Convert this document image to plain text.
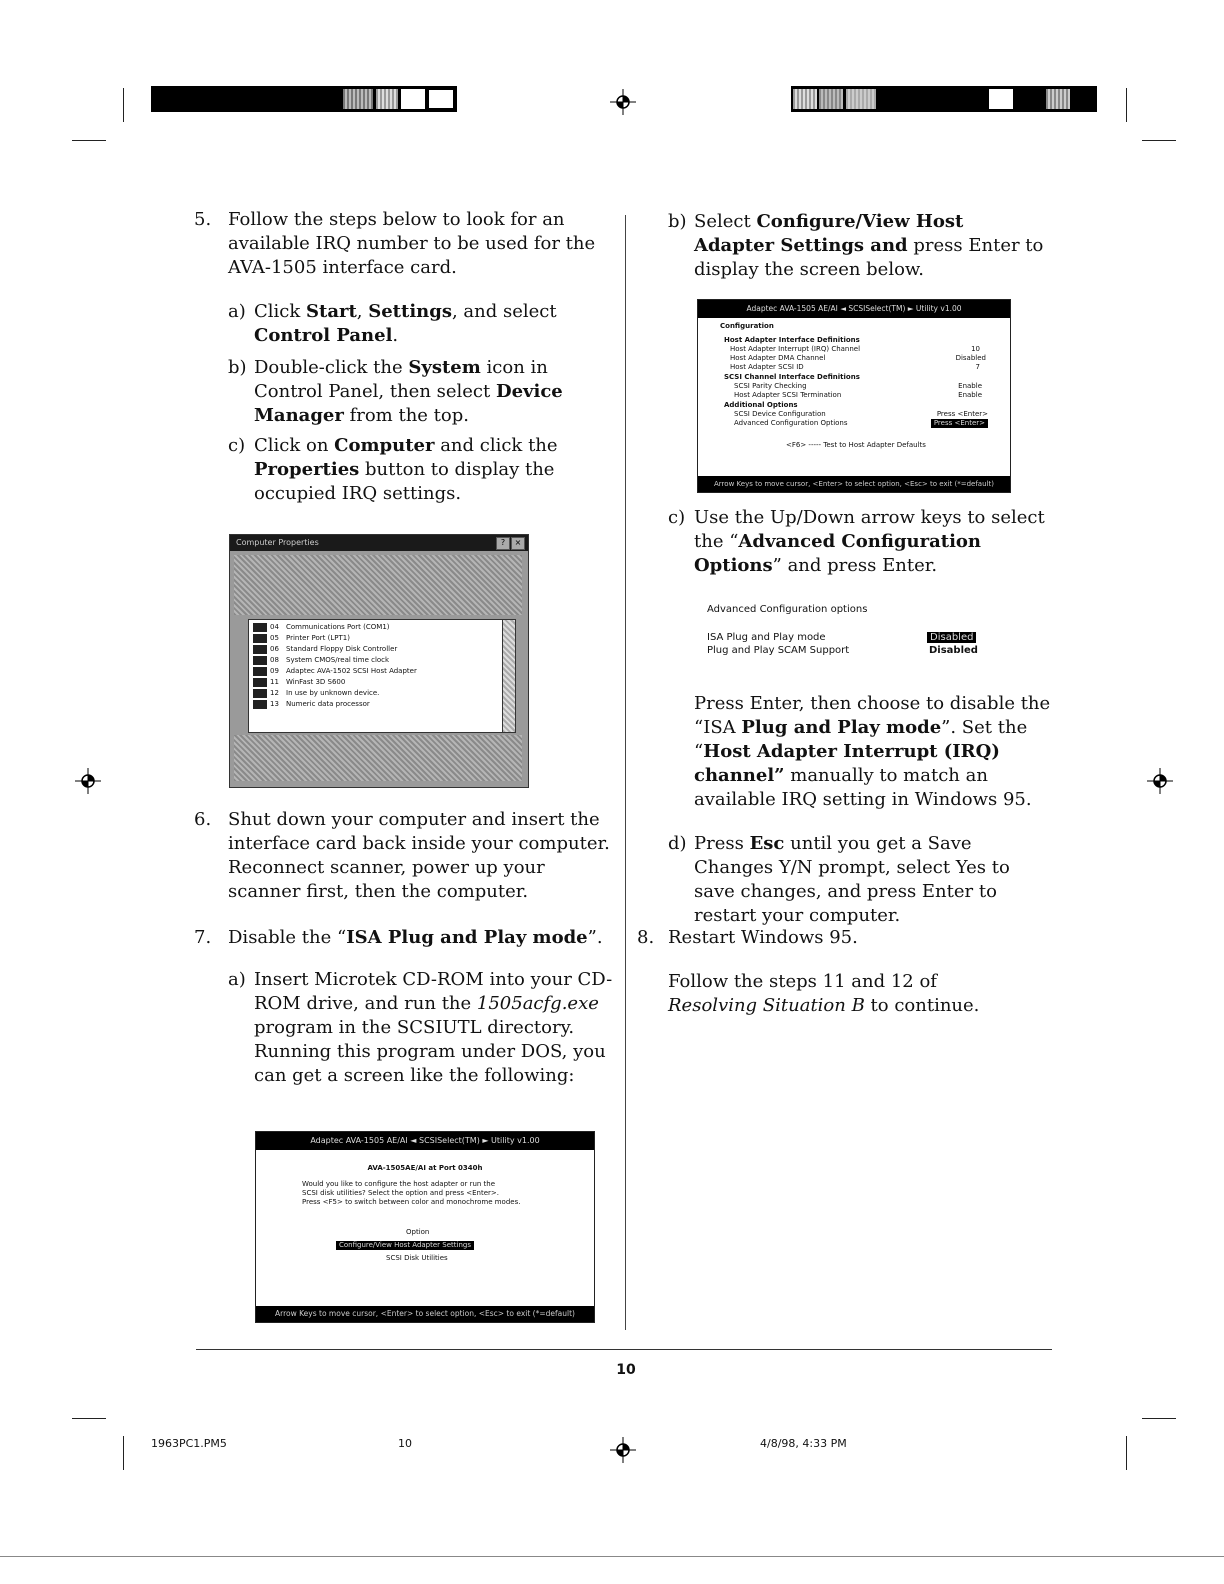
5. Follow the steps below to look for an available IRQ number to be used for the AVA-1505 interface card.
a) Click Start, Settings, and select Control Panel.
b) Double-click the System icon in Control Panel, then select Device Manager from the top.
c) Click on Computer and click the Properties button to display the occupied IRQ settings.
Computer Properties	?	×
04 Communications Port (COM1)
05 Printer Port (LPT1)
06 Standard Floppy Disk Controller
08 System CMOS/real time clock
09 Adaptec AVA-1502 SCSI Host Adapter
11 WinFast 3D S600
12 In use by unknown device.
13 Numeric data processor
6. Shut down your computer and insert the interface card back inside your computer. Reconnect scanner, power up your scanner first, then the computer.
7. Disable the “ISA Plug and Play mode”.
a) Insert Microtek CD-ROM into your CD-ROM drive, and run the 1505acfg.exe program in the SCSIUTL directory. Running this program under DOS, you can get a screen like the following:
Adaptec AVA-1505 AE/AI ◄ SCSISelect(TM) ► Utility v1.00
AVA-1505AE/AI at Port 0340h
Would you like to configure the host adapter or run the
SCSI disk utilities? Select the option and press <Enter>.
Press <F5> to switch between color and monochrome modes.
Option
Configure/View Host Adapter Settings
SCSI Disk Utilities
Arrow Keys to move cursor, <Enter> to select option, <Esc> to exit (*=default)
b) Select Configure/View Host Adapter Settings and press Enter to display the screen below.
Adaptec AVA-1505 AE/AI ◄ SCSISelect(TM) ► Utility v1.00
Configuration
Host Adapter Interface Definitions
Host Adapter Interrupt (IRQ) Channel	10
Host Adapter DMA Channel	Disabled
Host Adapter SCSI ID	7
SCSI Channel Interface Definitions
SCSI Parity Checking	Enable
Host Adapter SCSI Termination	Enable
Additional Options
SCSI Device Configuration	Press <Enter>
Advanced Configuration Options	Press <Enter>
<F6> ----- Test to Host Adapter Defaults
Arrow Keys to move cursor, <Enter> to select option, <Esc> to exit (*=default)
c) Use the Up/Down arrow keys to select the “Advanced Configuration Options” and press Enter.
Advanced Configuration options
ISA Plug and Play mode	Disabled
Plug and Play SCAM Support	Disabled
Press Enter, then choose to disable the “ISA Plug and Play mode”. Set the “Host Adapter Interrupt (IRQ) channel” manually to match an available IRQ setting in Windows 95.
d) Press Esc until you get a Save Changes Y/N prompt, select Yes to save changes, and press Enter to restart your computer.
8. Restart Windows 95.
Follow the steps 11 and 12 of Resolving Situation B to continue.
10
1963PC1.PM5	10	4/8/98, 4:33 PM
